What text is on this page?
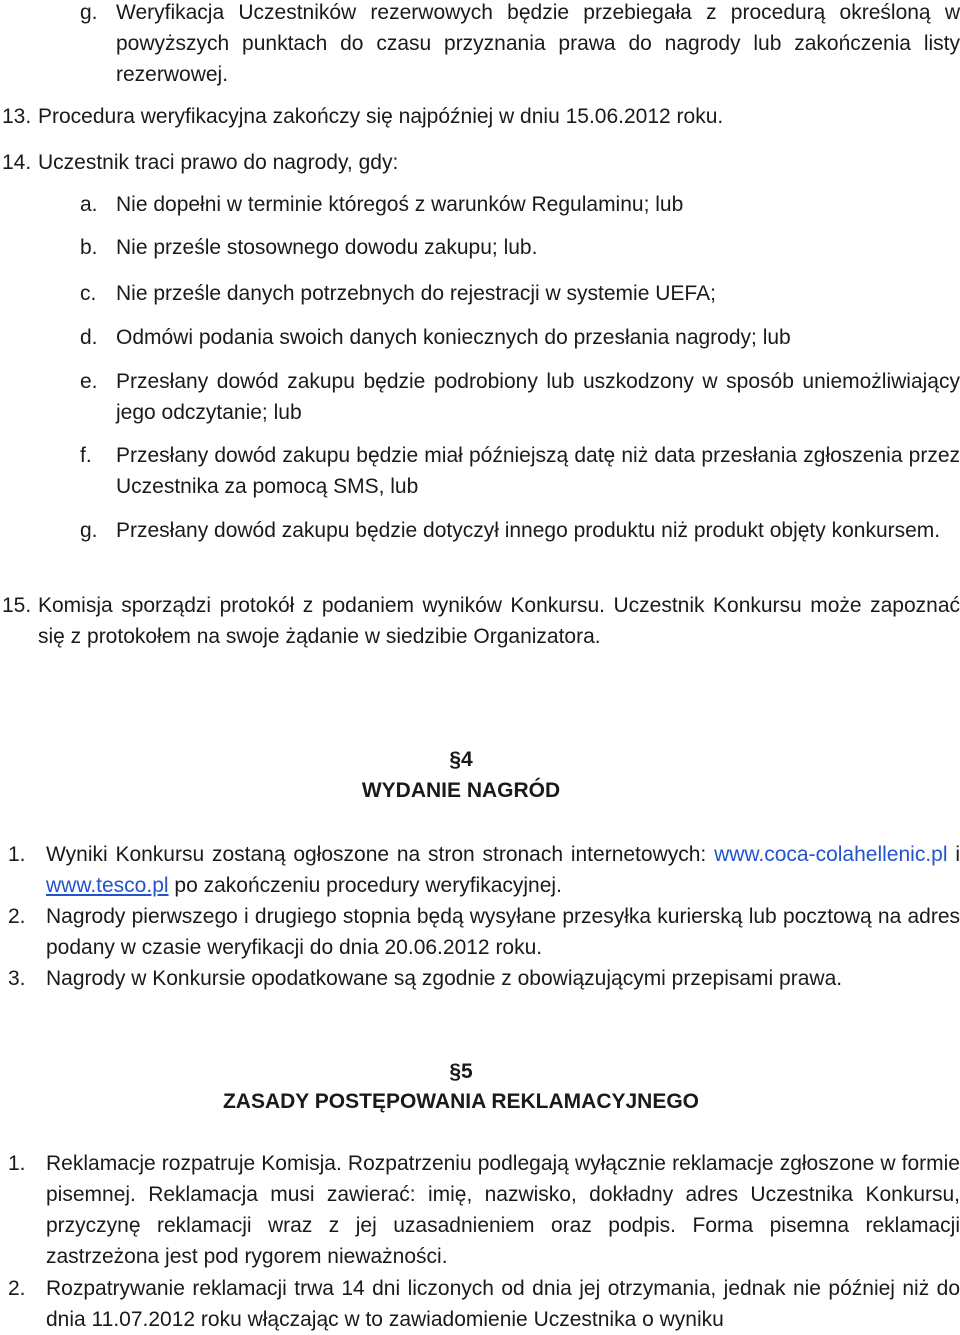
g. Weryfikacja Uczestników rezerwowych będzie przebiegała z procedurą określoną w powyższych punktach do czasu przyznania prawa do nagrody lub zakończenia listy rezerwowej.
13. Procedura weryfikacyjna zakończy się najpóźniej w dniu 15.06.2012 roku.
14. Uczestnik traci prawo do nagrody, gdy:
a. Nie dopełni w terminie któregoś z warunków Regulaminu; lub
b. Nie prześle stosownego dowodu zakupu; lub.
c. Nie prześle danych potrzebnych do rejestracji w systemie UEFA;
d. Odmówi podania swoich danych koniecznych do przesłania nagrody; lub
e. Przesłany dowód zakupu będzie podrobiony lub uszkodzony w sposób uniemożliwiający jego odczytanie; lub
f. Przesłany dowód zakupu będzie miał późniejszą datę niż data przesłania zgłoszenia przez Uczestnika za pomocą SMS, lub
g. Przesłany dowód zakupu będzie dotyczył innego produktu niż produkt objęty konkursem.
15. Komisja sporządzi protokół z podaniem wyników Konkursu. Uczestnik Konkursu może zapoznać się z protokołem na swoje żądanie w siedzibie Organizatora.
§4
WYDANIE NAGRÓD
1. Wyniki Konkursu zostaną ogłoszone na stron stronach internetowych: www.coca-colahellenic.pl i www.tesco.pl po zakończeniu procedury weryfikacyjnej.
2. Nagrody pierwszego i drugiego stopnia będą wysyłane przesyłka kurierską lub pocztową na adres podany w czasie weryfikacji do dnia 20.06.2012 roku.
3. Nagrody w Konkursie opodatkowane są zgodnie z obowiązującymi przepisami prawa.
§5
ZASADY POSTĘPOWANIA REKLAMACYJNEGO
1. Reklamacje rozpatruje Komisja. Rozpatrzeniu podlegają wyłącznie reklamacje zgłoszone w formie pisemnej. Reklamacja musi zawierać: imię, nazwisko, dokładny adres Uczestnika Konkursu, przyczynę reklamacji wraz z jej uzasadnieniem oraz podpis. Forma pisemna reklamacji zastrzeżona jest pod rygorem nieważności.
2. Rozpatrywanie reklamacji trwa 14 dni liczonych od dnia jej otrzymania, jednak nie później niż do dnia 11.07.2012 roku włączając w to zawiadomienie Uczestnika o wyniku
